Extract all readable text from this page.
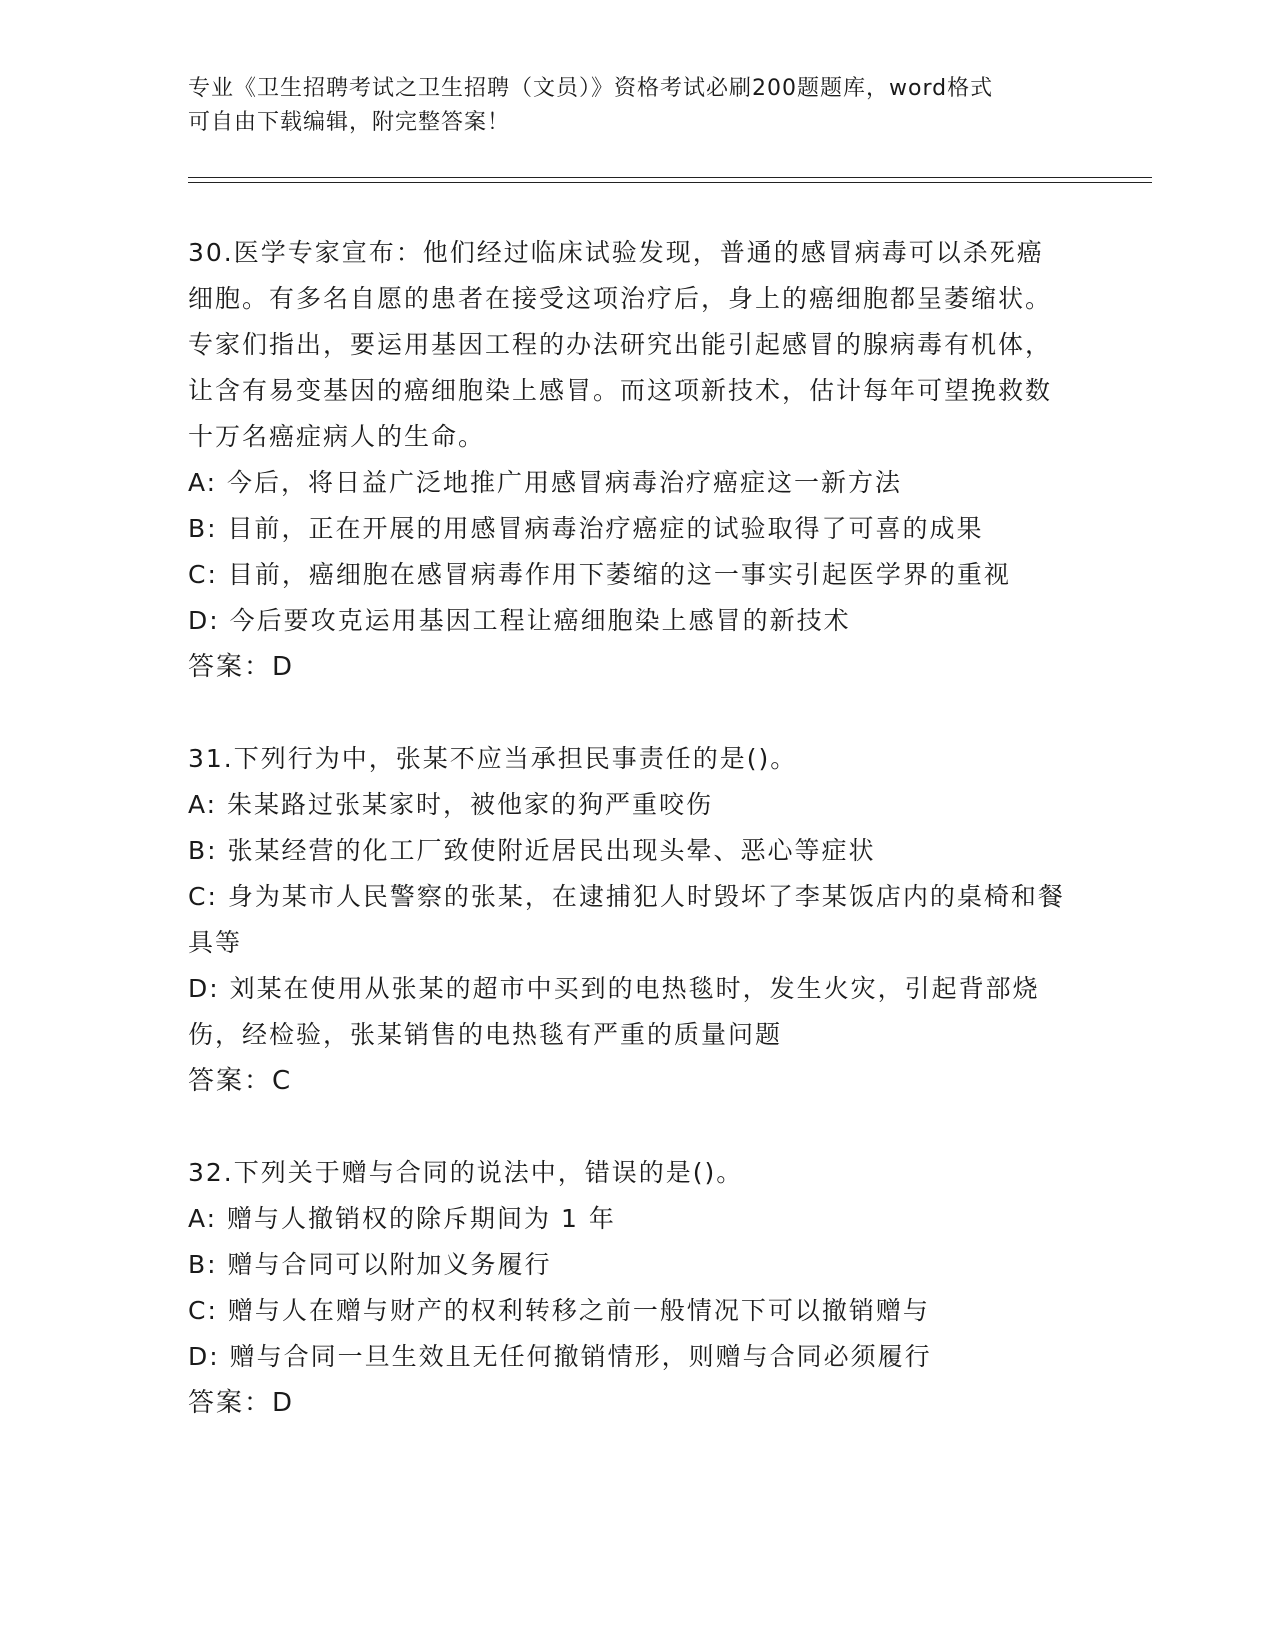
专业《卫生招聘考试之卫生招聘（文员）》资格考试必刷200题题库，word格式
可自由下载编辑，附完整答案！

30.医学专家宣布：他们经过临床试验发现，普通的感冒病毒可以杀死癌细胞。有多名自愿的患者在接受这项治疗后，身上的癌细胞都呈萎缩状。专家们指出，要运用基因工程的办法研究出能引起感冒的腺病毒有机体，让含有易变基因的癌细胞染上感冒。而这项新技术，估计每年可望挽救数十万名癌症病人的生命。

A: 今后，将日益广泛地推广用感冒病毒治疗癌症这一新方法

B: 目前，正在开展的用感冒病毒治疗癌症的试验取得了可喜的成果

C: 目前，癌细胞在感冒病毒作用下萎缩的这一事实引起医学界的重视

D: 今后要攻克运用基因工程让癌细胞染上感冒的新技术

答案：D

31.下列行为中，张某不应当承担民事责任的是()。

A: 朱某路过张某家时，被他家的狗严重咬伤

B: 张某经营的化工厂致使附近居民出现头晕、恶心等症状

C: 身为某市人民警察的张某，在逮捕犯人时毁坏了李某饭店内的桌椅和餐具等

D: 刘某在使用从张某的超市中买到的电热毯时，发生火灾，引起背部烧伤，经检验，张某销售的电热毯有严重的质量问题

答案：C

32.下列关于赠与合同的说法中，错误的是()。

A: 赠与人撤销权的除斥期间为 1 年

B: 赠与合同可以附加义务履行

C: 赠与人在赠与财产的权利转移之前一般情况下可以撤销赠与

D: 赠与合同一旦生效且无任何撤销情形，则赠与合同必须履行

答案：D
